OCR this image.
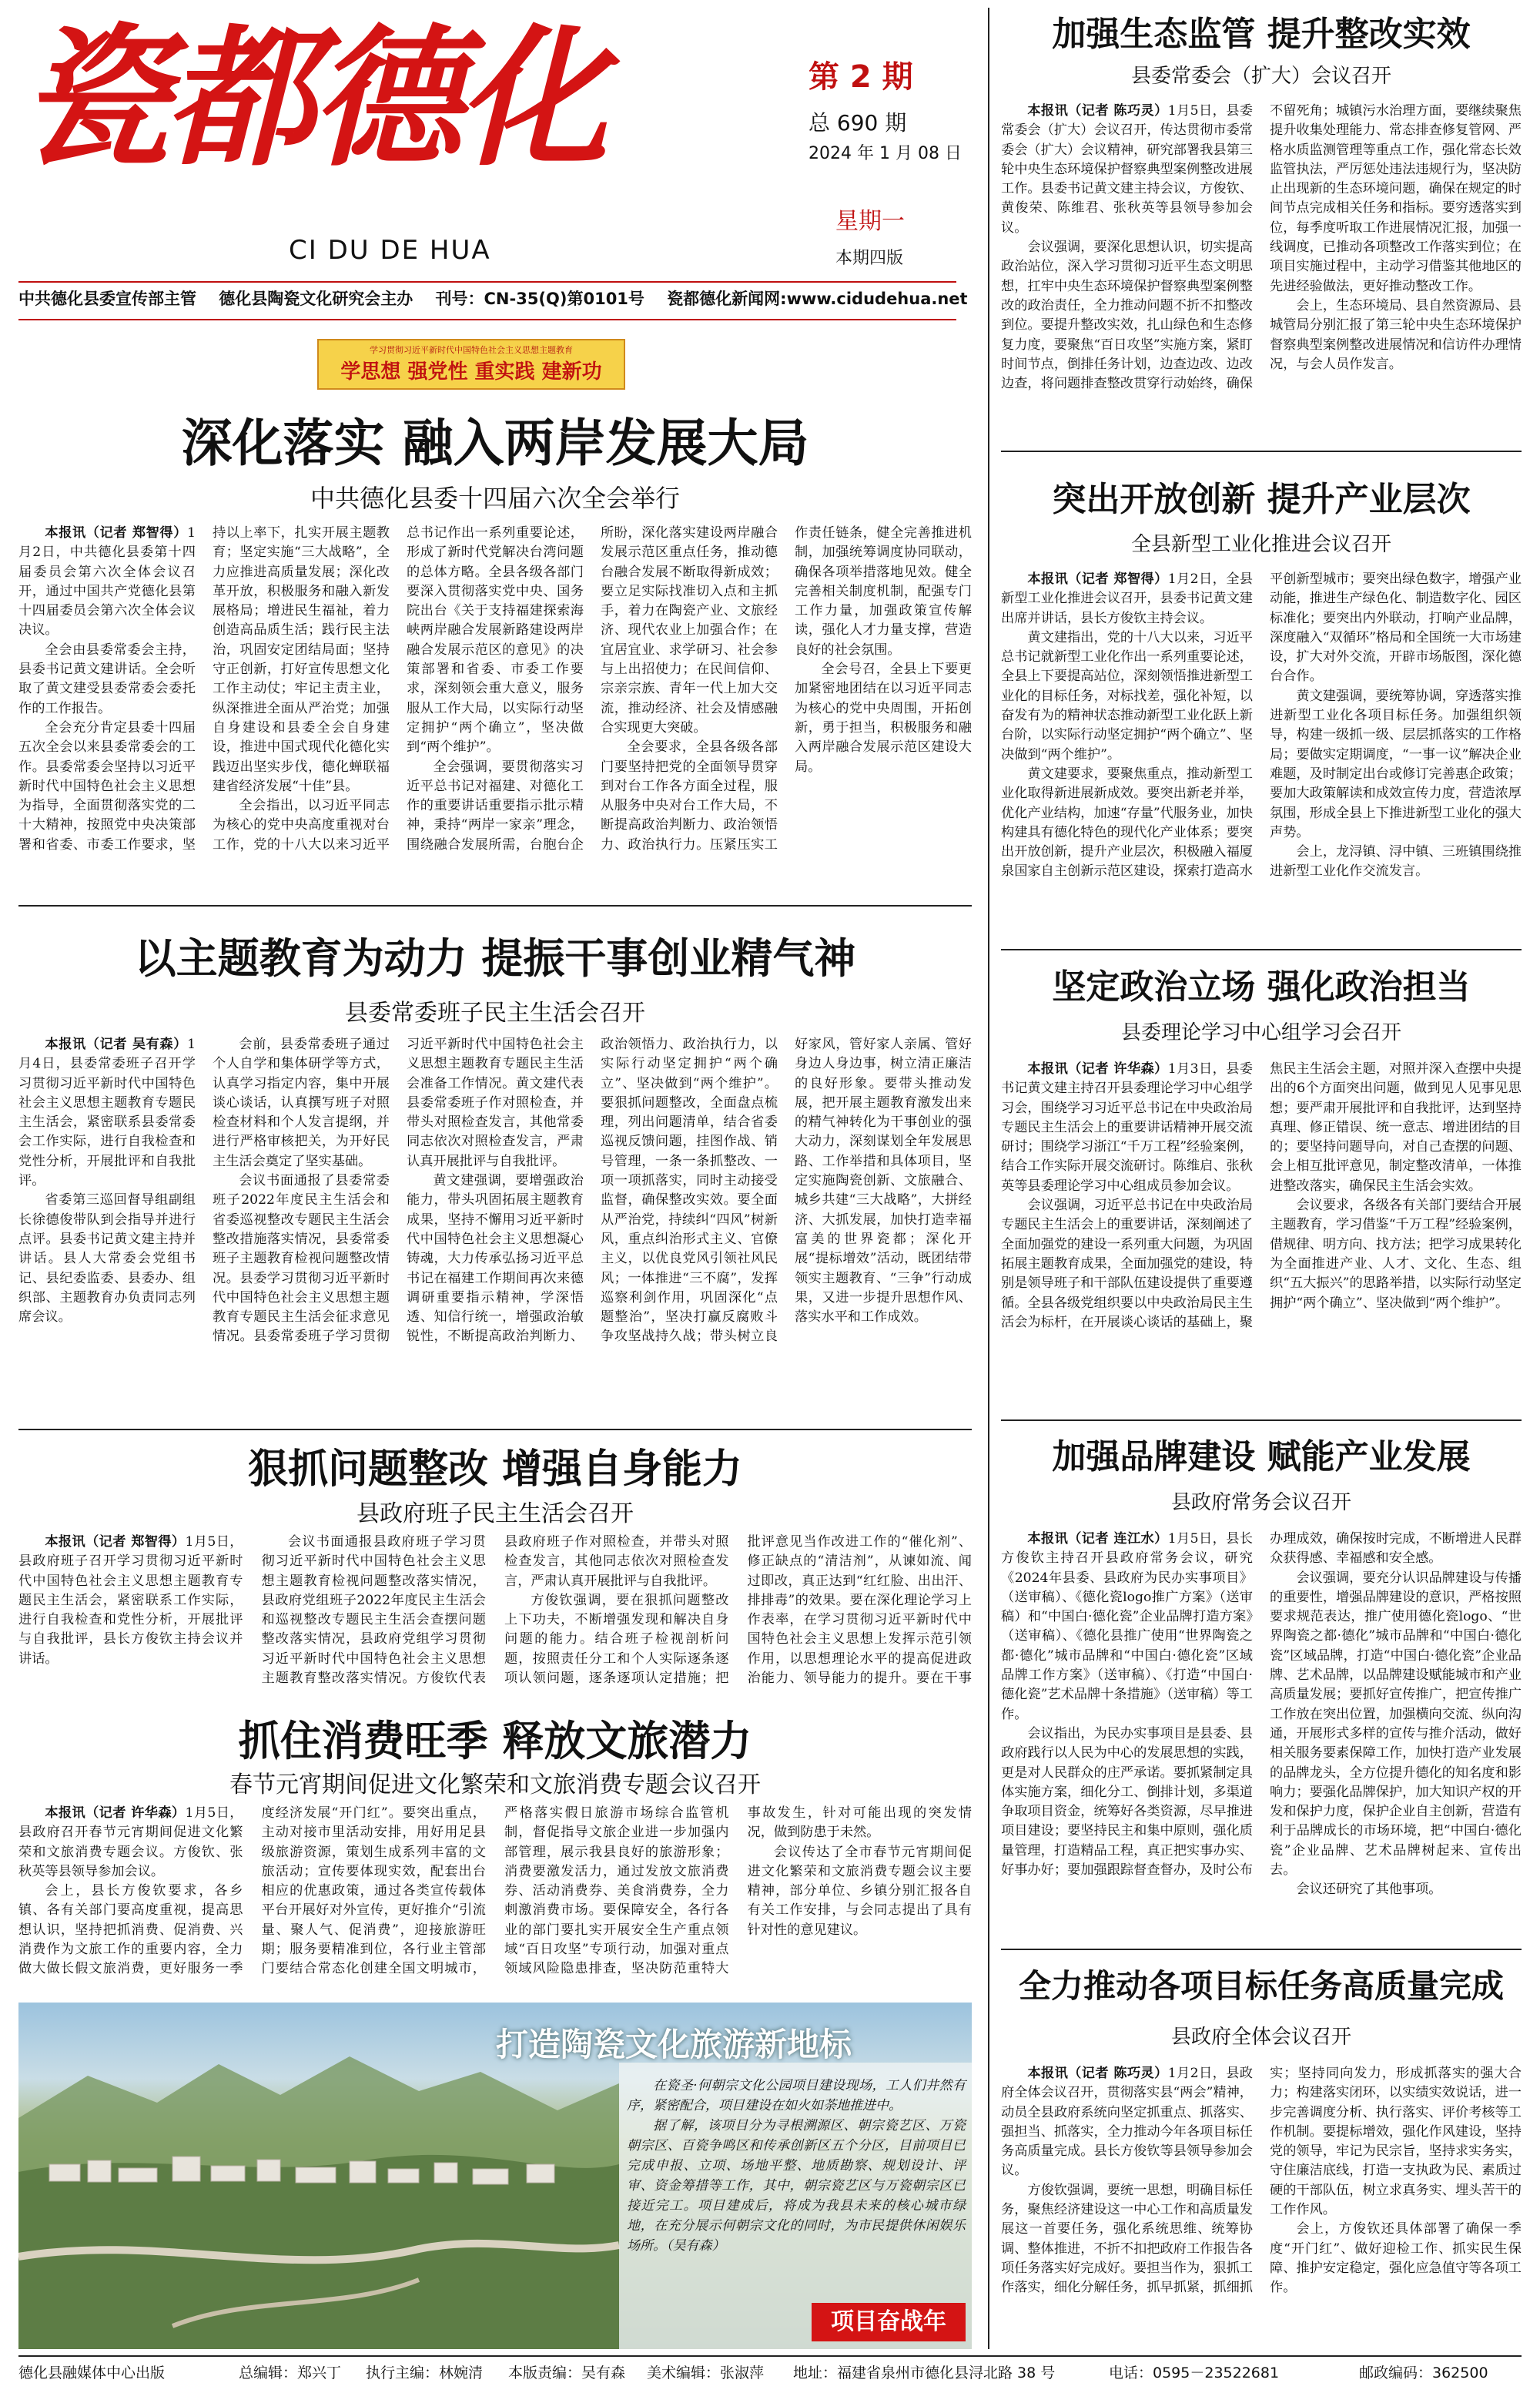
瓷都德化
CI DU DE HUA
第 2 期
总 690 期
2024 年 1 月 08 日
星期一
本期四版
中共德化县委宣传部主管 德化县陶瓷文化研究会主办 刊号：CN-35(Q)第0101号 瓷都德化新闻网:www.cidudehua.net
学习贯彻习近平新时代中国特色社会主义思想主题教育
学思想 强党性 重实践 建新功
深化落实 融入两岸发展大局
中共德化县委十四届六次全会举行

本报讯（记者 郑智得）1月2日，中共德化县委第十四届委员会第六次全体会议召开，通过中国共产党德化县第十四届委员会第六次全体会议决议。

全会由县委常委会主持，县委书记黄文建讲话。全会听取了黄文建受县委常委会委托作的工作报告。

全会充分肯定县委十四届五次全会以来县委常委会的工作。县委常委会坚持以习近平新时代中国特色社会主义思想为指导，全面贯彻落实党的二十大精神，按照党中央决策部署和省委、市委工作要求，坚持以上率下，扎实开展主题教育；坚定实施“三大战略”，全力应推进高质量发展；深化改革开放，积极服务和融入新发展格局；增进民生福祉，着力创造高品质生活；践行民主法治，巩固安定团结局面；坚持守正创新，打好宣传思想文化工作主动仗；牢记主责主业，纵深推进全面从严治党；加强自身建设和县委全会自身建设，推进中国式现代化德化实践迈出坚实步伐，德化蝉联福建省经济发展“十佳”县。

全会指出，以习近平同志为核心的党中央高度重视对台工作，党的十八大以来习近平总书记作出一系列重要论述，形成了新时代党解决台湾问题的总体方略。全县各级各部门要深入贯彻落实党中央、国务院出台《关于支持福建探索海峡两岸融合发展新路建设两岸融合发展示范区的意见》的决策部署和省委、市委工作要求，深刻领会重大意义，服务服从工作大局，以实际行动坚定拥护“两个确立”，坚决做到“两个维护”。

全会强调，要贯彻落实习近平总书记对福建、对德化工作的重要讲话重要指示批示精神，秉持“两岸一家亲”理念，围绕融合发展所需，台胞台企所盼，深化落实建设两岸融合发展示范区重点任务，推动德台融合发展不断取得新成效；要立足实际找准切入点和主抓手，着力在陶瓷产业、文旅经济、现代农业上加强合作；在宜居宜业、求学研习、社会参与上出招使力；在民间信仰、宗亲宗族、青年一代上加大交流，推动经济、社会及情感融合实现更大突破。

全会要求，全县各级各部门要坚持把党的全面领导贯穿到对台工作各方面全过程，服从服务中央对台工作大局，不断提高政治判断力、政治领悟力、政治执行力。压紧压实工作责任链条，健全完善推进机制，加强统筹调度协同联动，确保各项举措落地见效。健全完善相关制度机制，配强专门工作力量，加强政策宣传解读，强化人才力量支撑，营造良好的社会氛围。

全会号召，全县上下要更加紧密地团结在以习近平同志为核心的党中央周围，开拓创新，勇于担当，积极服务和融入两岸融合发展示范区建设大局。

以主题教育为动力 提振干事创业精气神
县委常委班子民主生活会召开

本报讯（记者 吴有森）1月4日，县委常委班子召开学习贯彻习近平新时代中国特色社会主义思想主题教育专题民主生活会，紧密联系县委常委会工作实际，进行自我检查和党性分析，开展批评和自我批评。

省委第三巡回督导组副组长徐德俊带队到会指导并进行点评。县委书记黄文建主持并讲话。县人大常委会党组书记、县纪委监委、县委办、组织部、主题教育办负责同志列席会议。

会前，县委常委班子通过个人自学和集体研学等方式，认真学习指定内容，集中开展谈心谈话，认真撰写班子对照检查材料和个人发言提纲，并进行严格审核把关，为开好民主生活会奠定了坚实基础。

会议书面通报了县委常委班子2022年度民主生活会和省委巡视整改专题民主生活会整改措施落实情况，县委常委班子主题教育检视问题整改情况。县委学习贯彻习近平新时代中国特色社会主义思想主题教育专题民主生活会征求意见情况。县委常委班子学习贯彻习近平新时代中国特色社会主义思想主题教育专题民主生活会准备工作情况。黄文建代表县委常委班子作对照检查，并带头对照检查发言，其他常委同志依次对照检查发言，严肃认真开展批评与自我批评。

黄文建强调，要增强政治能力，带头巩固拓展主题教育成果，坚持不懈用习近平新时代中国特色社会主义思想凝心铸魂，大力传承弘扬习近平总书记在福建工作期间再次来德调研重要指示精神，学深悟透、知信行统一，增强政治敏锐性，不断提高政治判断力、政治领悟力、政治执行力，以实际行动坚定拥护“两个确立”、坚决做到“两个维护”。要狠抓问题整改，全面盘点梳理，列出问题清单，结合省委巡视反馈问题，挂图作战、销号管理，一条一条抓整改、一项一项抓落实，同时主动接受监督，确保整改实效。要全面从严治党，持续纠“四风”树新风，重点纠治形式主义、官僚主义，以优良党风引领社风民风；一体推进“三不腐”，发挥巡察利剑作用，巩固深化“点题整治”，坚决打赢反腐败斗争攻坚战持久战；带头树立良好家风，管好家人亲属、管好身边人身边事，树立清正廉洁的良好形象。要带头推动发展，把开展主题教育激发出来的精气神转化为干事创业的强大动力，深刻谋划全年发展思路、工作举措和具体项目，坚定实施陶瓷创新、文旅融合、城乡共建“三大战略”，大拼经济、大抓发展，加快打造幸福富美的世界瓷都；深化开展“提标增效”活动，既团结带领实主题教育、“三争”行动成果，又进一步提升思想作风、落实水平和工作成效。

狠抓问题整改 增强自身能力
县政府班子民主生活会召开

本报讯（记者 郑智得）1月5日，县政府班子召开学习贯彻习近平新时代中国特色社会主义思想主题教育专题民主生活会，紧密联系工作实际，进行自我检查和党性分析，开展批评与自我批评，县长方俊钦主持会议并讲话。

会议书面通报县政府班子学习贯彻习近平新时代中国特色社会主义思想主题教育检视问题整改落实情况，县政府党组班子2022年度民主生活会和巡视整改专题民主生活会查摆问题整改落实情况，县政府党组学习贯彻习近平新时代中国特色社会主义思想主题教育整改落实情况。方俊钦代表县政府班子作对照检查，并带头对照检查发言，其他同志依次对照检查发言，严肃认真开展批评与自我批评。

方俊钦强调，要在狠抓问题整改上下功夫，不断增强发现和解决自身问题的能力。结合班子检视剖析问题，按照责任分工和个人实际逐条逐项认领问题，逐条逐项认定措施；把批评意见当作改进工作的“催化剂”、修正缺点的“清洁剂”，从谏如流、闻过即改，真正达到“红红脸、出出汗、排排毒”的效果。要在深化理论学习上作表率，在学习贯彻习近平新时代中国特色社会主义思想上发挥示范引领作用，以思想理论水平的提高促进政治能力、领导能力的提升。要在干事

抓住消费旺季 释放文旅潜力
春节元宵期间促进文化繁荣和文旅消费专题会议召开

本报讯（记者 许华森）1月5日，县政府召开春节元宵期间促进文化繁荣和文旅消费专题会议。方俊钦、张秋英等县领导参加会议。

会上，县长方俊钦要求，各乡镇、各有关部门要高度重视，提高思想认识，坚持把抓消费、促消费、兴消费作为文旅工作的重要内容，全力做大做长假文旅消费，更好服务一季度经济发展“开门红”。要突出重点，主动对接市里活动安排，用好用足县级旅游资源，策划生成系列丰富的文旅活动；宣传要体现实效，配套出台相应的优惠政策，通过各类宣传载体平台开展好对外宣传，更好推介“引流量、聚人气、促消费”，迎接旅游旺期；服务要精准到位，各行业主管部门要结合常态化创建全国文明城市，严格落实假日旅游市场综合监管机制，督促指导文旅企业进一步加强内部管理，展示我县良好的旅游形象；消费要激发活力，通过发放文旅消费券、活动消费券、美食消费券，全力刺激消费市场。要保障安全，各行各业的部门要扎实开展安全生产重点领域“百日攻坚”专项行动，加强对重点领域风险隐患排查，坚决防范重特大事故发生，针对可能出现的突发情况，做到防患于未然。

会议传达了全市春节元宵期间促进文化繁荣和文旅消费专题会议主要精神，部分单位、乡镇分别汇报各自有关工作安排，与会同志提出了具有针对性的意见建议。

打造陶瓷文化旅游新地标

在瓷圣·何朝宗文化公园项目建设现场，工人们井然有序，紧密配合，项目建设在如火如荼地推进中。

据了解，该项目分为寻根溯源区、朝宗瓷艺区、万瓷朝宗区、百瓷争鸣区和传承创新区五个分区，目前项目已完成申报、立项、场地平整、地质勘察、规划设计、评审、资金筹措等工作，其中，朝宗瓷艺区与万瓷朝宗区已接近完工。项目建成后，将成为我县未来的核心城市绿地，在充分展示何朝宗文化的同时，为市民提供休闲娱乐场所。（吴有森）

项目奋战年
加强生态监管 提升整改实效
县委常委会（扩大）会议召开

本报讯（记者 陈巧灵）1月5日，县委常委会（扩大）会议召开，传达贯彻市委常委会（扩大）会议精神，研究部署我县第三轮中央生态环境保护督察典型案例整改进展工作。县委书记黄文建主持会议，方俊钦、黄俊荣、陈维君、张秋英等县领导参加会议。

会议强调，要深化思想认识，切实提高政治站位，深入学习贯彻习近平生态文明思想，扛牢中央生态环境保护督察典型案例整改的政治责任，全力推动问题不折不扣整改到位。要提升整改实效，扎山绿色和生态修复力度，要聚焦“百日攻坚”实施方案，紧盯时间节点，倒排任务计划，边查边改、边改边查，将问题排查整改贯穿行动始终，确保不留死角；城镇污水治理方面，要继续聚焦提升收集处理能力、常态排查修复管网、严格水质监测管理等重点工作，强化常态长效监管执法，严厉惩处违法违规行为，坚决防止出现新的生态环境问题，确保在规定的时间节点完成相关任务和指标。要穷透落实到位，每季度听取工作进展情况汇报，加强一线调度，已推动各项整改工作落实到位；在项目实施过程中，主动学习借鉴其他地区的先进经验做法，更好推动整改工作。

会上，生态环境局、县自然资源局、县城管局分别汇报了第三轮中央生态环境保护督察典型案例整改进展情况和信访件办理情况，与会人员作发言。

突出开放创新 提升产业层次
全县新型工业化推进会议召开

本报讯（记者 郑智得）1月2日，全县新型工业化推进会议召开，县委书记黄文建出席并讲话，县长方俊钦主持会议。

黄文建指出，党的十八大以来，习近平总书记就新型工业化作出一系列重要论述，全县上下要提高站位，深刻领悟推进新型工业化的目标任务，对标找差，强化补短，以奋发有为的精神状态推动新型工业化跃上新台阶，以实际行动坚定拥护“两个确立”、坚决做到“两个维护”。

黄文建要求，要聚焦重点，推动新型工业化取得新进展新成效。要突出新老并举，优化产业结构，加速“存量”代服务业，加快构建具有德化特色的现代化产业体系；要突出开放创新，提升产业层次，积极融入福厦泉国家自主创新示范区建设，探索打造高水平创新型城市；要突出绿色数字，增强产业动能，推进生产绿色化、制造数字化、园区标准化；要突出内外联动，打响产业品牌，深度融入“双循环”格局和全国统一大市场建设，扩大对外交流，开辟市场版图，深化德台合作。

黄文建强调，要统筹协调，穿透落实推进新型工业化各项目标任务。加强组织领导，构建一级抓一级、层层抓落实的工作格局；要做实定期调度，“一事一议”解决企业难题，及时制定出台或修订完善惠企政策；要加大政策解读和成效宣传力度，营造浓厚氛围，形成全县上下推进新型工业化的强大声势。

会上，龙浔镇、浔中镇、三班镇围绕推进新型工业化作交流发言。

坚定政治立场 强化政治担当
县委理论学习中心组学习会召开

本报讯（记者 许华森）1月3日，县委书记黄文建主持召开县委理论学习中心组学习会，围绕学习习近平总书记在中央政治局专题民主生活会上的重要讲话精神开展交流研讨；围绕学习浙江“千万工程”经验案例，结合工作实际开展交流研讨。陈维启、张秋英等县委理论学习中心组成员参加会议。

会议强调，习近平总书记在中央政治局专题民主生活会上的重要讲话，深刻阐述了全面加强党的建设一系列重大问题，为巩固拓展主题教育成果，全面加强党的建设，特别是领导班子和干部队伍建设提供了重要遵循。全县各级党组织要以中央政治局民主生活会为标杆，在开展谈心谈话的基础上，聚焦民主生活会主题，对照并深入查摆中央提出的6个方面突出问题，做到见人见事见思想；要严肃开展批评和自我批评，达到坚持真理、修正错误、统一意志、增进团结的目的；要坚持问题导向，对自己查摆的问题、会上相互批评意见，制定整改清单，一体推进整改落实，确保民主生活会实效。

会议要求，各级各有关部门要结合开展主题教育，学习借鉴“千万工程”经验案例，借规律、明方向、找方法；把学习成果转化为全面推进产业、人才、文化、生态、组织“五大振兴”的思路举措，以实际行动坚定拥护“两个确立”、坚决做到“两个维护”。

加强品牌建设 赋能产业发展
县政府常务会议召开

本报讯（记者 连江水）1月5日，县长方俊钦主持召开县政府常务会议，研究《2024年县委、县政府为民办实事项目》（送审稿）、《德化瓷logo推广方案》（送审稿）和“中国白·德化瓷”企业品牌打造方案》（送审稿）、《德化县推广使用“世界陶瓷之都·德化”城市品牌和“中国白·德化瓷”区域品牌工作方案》（送审稿）、《打造“中国白·德化瓷”艺术品牌十条措施》（送审稿）等工作。

会议指出，为民办实事项目是县委、县政府践行以人民为中心的发展思想的实践，更是对人民群众的庄严承诺。要抓紧制定具体实施方案，细化分工、倒排计划，多渠道争取项目资金，统筹好各类资源，尽早推进项目建设；要坚持民主和集中原则，强化质量管理，打造精品工程，真正把实事办实、好事办好；要加强跟踪督查督办，及时公布办理成效，确保按时完成，不断增进人民群众获得感、幸福感和安全感。

会议强调，要充分认识品牌建设与传播的重要性，增强品牌建设的意识，严格按照要求规范表达，推广使用德化瓷logo、“世界陶瓷之都·德化”城市品牌和“中国白·德化瓷”区域品牌，打造“中国白·德化瓷”企业品牌、艺术品牌，以品牌建设赋能城市和产业高质量发展；要抓好宣传推广，把宣传推广工作放在突出位置，加强横向交流、纵向沟通，开展形式多样的宣传与推介活动，做好相关服务要素保障工作，加快打造产业发展的品牌龙头，全方位提升德化的知名度和影响力；要强化品牌保护，加大知识产权的开发和保护力度，保护企业自主创新，营造有利于品牌成长的市场环境，把“中国白·德化瓷”企业品牌、艺术品牌树起来、宣传出去。

会议还研究了其他事项。

全力推动各项目标任务高质量完成
县政府全体会议召开

本报讯（记者 陈巧灵）1月2日，县政府全体会议召开，贯彻落实县“两会”精神，动员全县政府系统向坚定抓重点、抓落实、强担当、抓落实，全力推动今年各项目标任务高质量完成。县长方俊钦等县领导参加会议。

方俊钦强调，要统一思想，明确目标任务，聚焦经济建设这一中心工作和高质量发展这一首要任务，强化系统思维、统筹协调、整体推进，不折不扣把政府工作报告各项任务落实好完成好。要担当作为，狠抓工作落实，细化分解任务，抓早抓紧，抓细抓实；坚持同向发力，形成抓落实的强大合力；构建落实闭环，以实绩实效说话，进一步完善调度分析、执行落实、评价考核等工作机制。要提标增效，强化作风建设，坚持党的领导，牢记为民宗旨，坚持求实务实，守住廉洁底线，打造一支执政为民、素质过硬的干部队伍，树立求真务实、埋头苦干的工作作风。

会上，方俊钦还具体部署了确保一季度“开门红”、做好迎检工作、抓实民生保障、推护安定稳定，强化应急值守等各项工作。

德化县融媒体中心出版	总编辑：郑兴丁 执行主编：林婉清 本版责编：吴有森 美术编辑：张淑萍 地址：福建省泉州市德化县浔北路 38 号	电话：0595－23522681	邮政编码：362500
